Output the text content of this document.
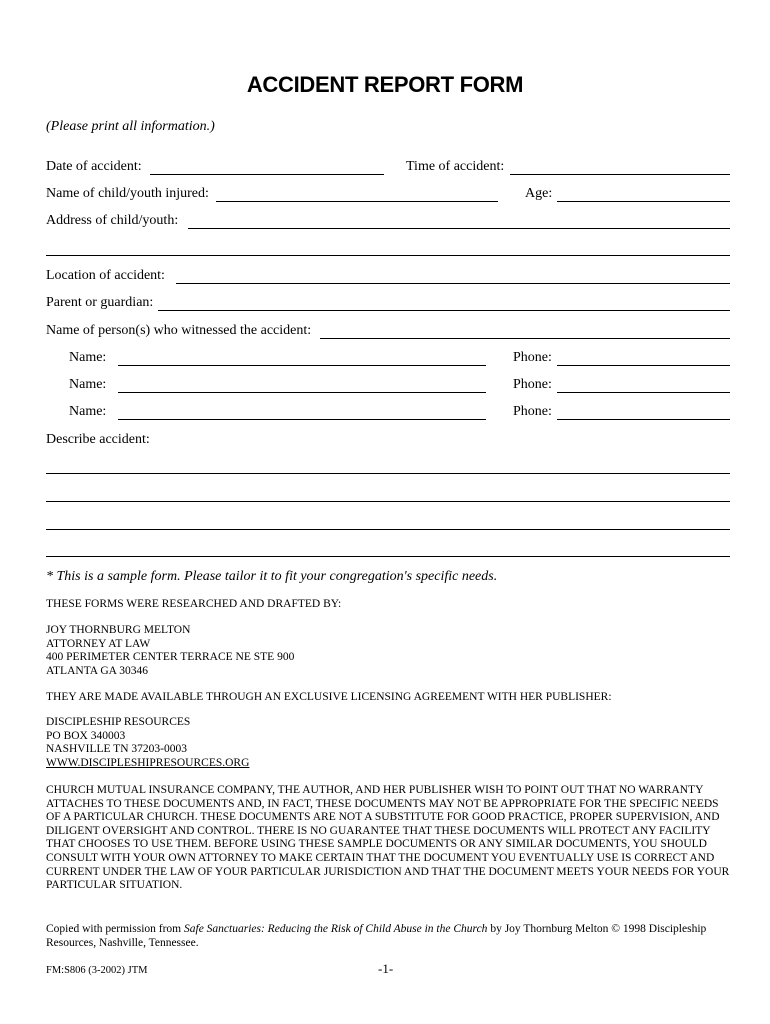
ACCIDENT REPORT FORM
(Please print all information.)
Date of accident:	Time of accident:
Name of child/youth injured:	Age:
Address of child/youth:
Location of accident:
Parent or guardian:
Name of person(s) who witnessed the accident:
Name:	Phone:
Name:	Phone:
Name:	Phone:
Describe accident:
* This is a sample form. Please tailor it to fit your congregation's specific needs.
THESE FORMS WERE RESEARCHED AND DRAFTED BY:
JOY THORNBURG MELTON
ATTORNEY AT LAW
400 PERIMETER CENTER TERRACE NE STE 900
ATLANTA GA 30346
THEY ARE MADE AVAILABLE THROUGH AN EXCLUSIVE LICENSING AGREEMENT WITH HER PUBLISHER:
DISCIPLESHIP RESOURCES
PO BOX 340003
NASHVILLE TN 37203-0003
WWW.DISCIPLESHIPRESOURCES.ORG
CHURCH MUTUAL INSURANCE COMPANY, THE AUTHOR, AND HER PUBLISHER WISH TO POINT OUT THAT NO WARRANTY ATTACHES TO THESE DOCUMENTS AND, IN FACT, THESE DOCUMENTS MAY NOT BE APPROPRIATE FOR THE SPECIFIC NEEDS OF A PARTICULAR CHURCH. THESE DOCUMENTS ARE NOT A SUBSTITUTE FOR GOOD PRACTICE, PROPER SUPERVISION, AND DILIGENT OVERSIGHT AND CONTROL. THERE IS NO GUARANTEE THAT THESE DOCUMENTS WILL PROTECT ANY FACILITY THAT CHOOSES TO USE THEM. BEFORE USING THESE SAMPLE DOCUMENTS OR ANY SIMILAR DOCUMENTS, YOU SHOULD CONSULT WITH YOUR OWN ATTORNEY TO MAKE CERTAIN THAT THE DOCUMENT YOU EVENTUALLY USE IS CORRECT AND CURRENT UNDER THE LAW OF YOUR PARTICULAR JURISDICTION AND THAT THE DOCUMENT MEETS YOUR NEEDS FOR YOUR PARTICULAR SITUATION.
Copied with permission from Safe Sanctuaries: Reducing the Risk of Child Abuse in the Church by Joy Thornburg Melton © 1998 Discipleship Resources, Nashville, Tennessee.
FM:S806 (3-2002) JTM	-1-
